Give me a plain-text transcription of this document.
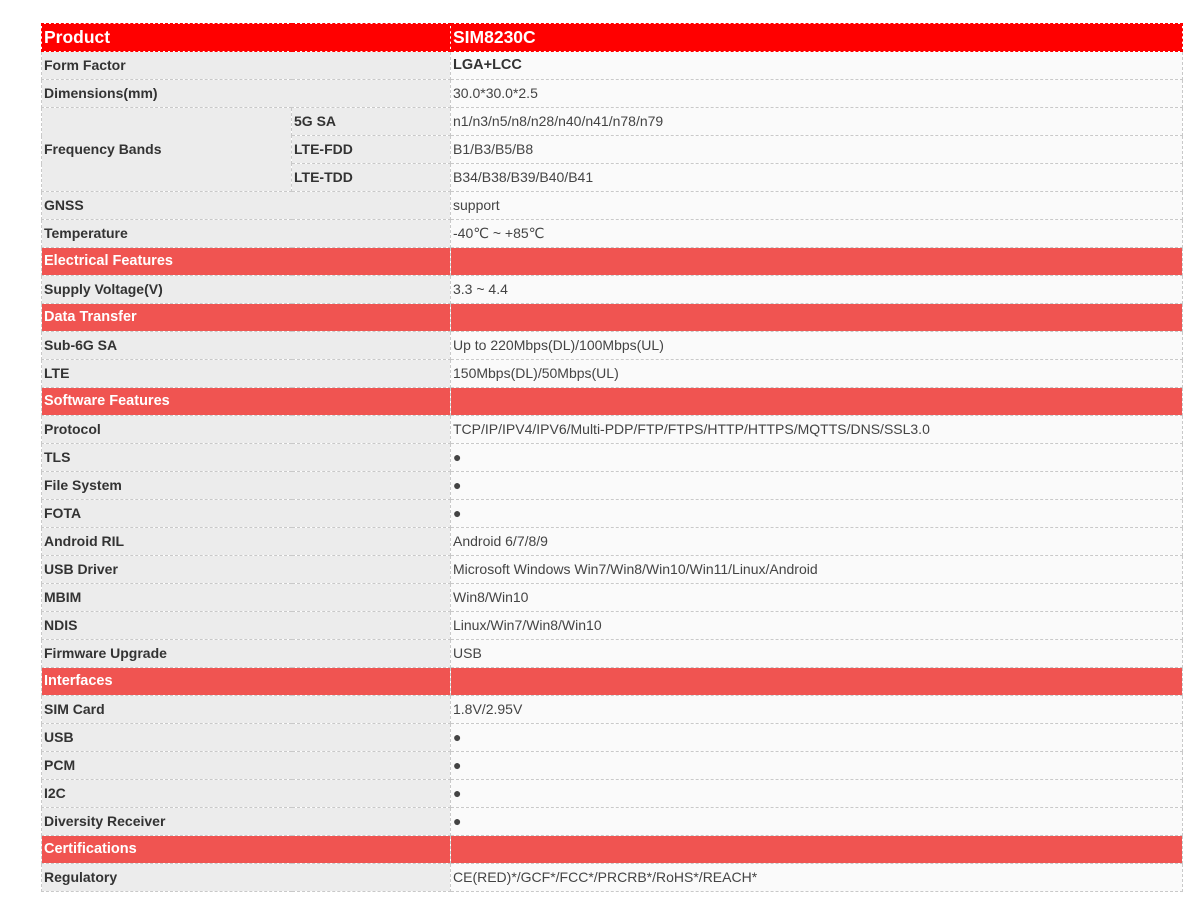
Product		SIM8230C
Form Factor		LGA+LCC
Dimensions(mm)		30.0*30.0*2.5
Frequency Bands	5G SA	n1/n3/n5/n8/n28/n40/n41/n78/n79
	LTE-FDD	B1/B3/B5/B8
	LTE-TDD	B34/B38/B39/B40/B41
GNSS		support
Temperature		-40℃ ~ +85℃
Electrical Features		
Supply Voltage(V)		3.3 ~ 4.4
Data Transfer		
Sub-6G SA		Up to 220Mbps(DL)/100Mbps(UL)
LTE		150Mbps(DL)/50Mbps(UL)
Software Features		
Protocol		TCP/IP/IPV4/IPV6/Multi-PDP/FTP/FTPS/HTTP/HTTPS/MQTTS/DNS/SSL3.0
TLS		●
File System		●
FOTA		●
Android RIL		Android 6/7/8/9
USB Driver		Microsoft Windows Win7/Win8/Win10/Win11/Linux/Android
MBIM		Win8/Win10
NDIS		Linux/Win7/Win8/Win10
Firmware Upgrade		USB
Interfaces		
SIM Card		1.8V/2.95V
USB		●
PCM		●
I2C		●
Diversity Receiver		●
Certifications		
Regulatory		CE(RED)*/GCF*/FCC*/PRCRB*/RoHS*/REACH*
